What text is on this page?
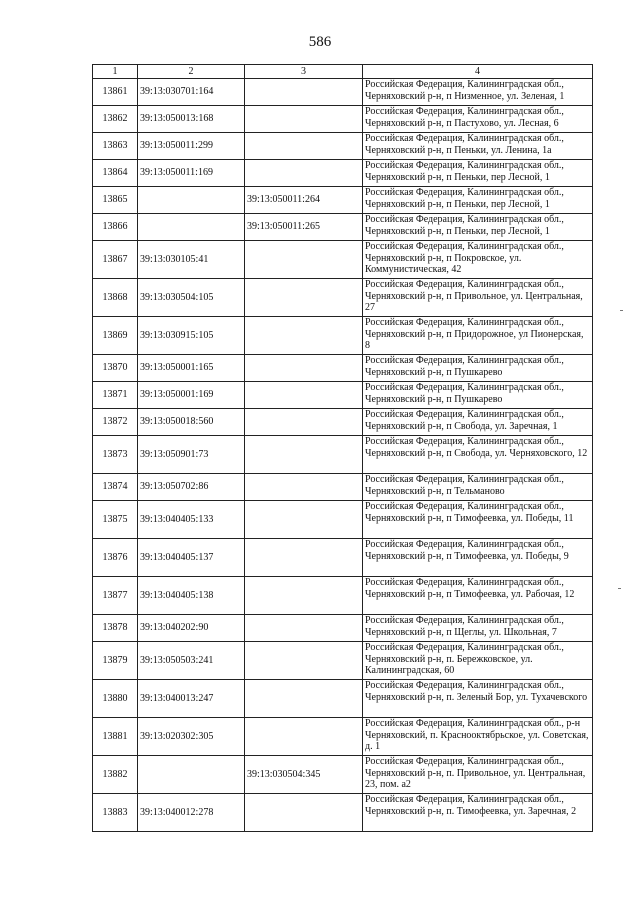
586
1	2	3	4
13861	39:13:030701:164		Российская Федерация, Калининградская обл., Черняховский р-н, п Низменное, ул. Зеленая, 1
13862	39:13:050013:168		Российская Федерация, Калининградская обл., Черняховский р-н, п Пастухово, ул. Лесная, 6
13863	39:13:050011:299		Российская Федерация, Калининградская обл., Черняховский р-н, п Пеньки, ул. Ленина, 1а
13864	39:13:050011:169		Российская Федерация, Калининградская обл., Черняховский р-н, п Пеньки, пер Лесной, 1
13865		39:13:050011:264	Российская Федерация, Калининградская обл., Черняховский р-н, п Пеньки, пер Лесной, 1
13866		39:13:050011:265	Российская Федерация, Калининградская обл., Черняховский р-н, п Пеньки, пер Лесной, 1
13867	39:13:030105:41		Российская Федерация, Калининградская обл., Черняховский р-н, п Покровское, ул. Коммунистическая, 42
13868	39:13:030504:105		Российская Федерация, Калининградская обл., Черняховский р-н, п Привольное, ул. Центральная, 27
13869	39:13:030915:105		Российская Федерация, Калининградская обл., Черняховский р-н, п Придорожное, ул Пионерская, 8
13870	39:13:050001:165		Российская Федерация, Калининградская обл., Черняховский р-н, п Пушкарево
13871	39:13:050001:169		Российская Федерация, Калининградская обл., Черняховский р-н, п Пушкарево
13872	39:13:050018:560		Российская Федерация, Калининградская обл., Черняховский р-н, п Свобода, ул. Заречная, 1
13873	39:13:050901:73		Российская Федерация, Калининградская обл., Черняховский р-н, п Свобода, ул. Черняховского, 12
13874	39:13:050702:86		Российская Федерация, Калининградская обл., Черняховский р-н, п Тельманово
13875	39:13:040405:133		Российская Федерация, Калининградская обл., Черняховский р-н, п Тимофеевка, ул. Победы, 11
13876	39:13:040405:137		Российская Федерация, Калининградская обл., Черняховский р-н, п Тимофеевка, ул. Победы, 9
13877	39:13:040405:138		Российская Федерация, Калининградская обл., Черняховский р-н, п Тимофеевка, ул. Рабочая, 12
13878	39:13:040202:90		Российская Федерация, Калининградская обл., Черняховский р-н, п Щеглы, ул. Школьная, 7
13879	39:13:050503:241		Российская Федерация, Калининградская обл., Черняховский р-н, п. Бережковское, ул. Калининградская, 60
13880	39:13:040013:247		Российская Федерация, Калининградская обл., Черняховский р-н, п. Зеленый Бор, ул. Тухачевского
13881	39:13:020302:305		Российская Федерация, Калининградская обл., р-н Черняховский, п. Краснооктябрьское, ул. Советская, д. 1
13882		39:13:030504:345	Российская Федерация, Калининградская обл., Черняховский р-н, п. Привольное, ул. Центральная, 23, пом. а2
13883	39:13:040012:278		Российская Федерация, Калининградская обл., Черняховский р-н, п. Тимофеевка, ул. Заречная, 2
